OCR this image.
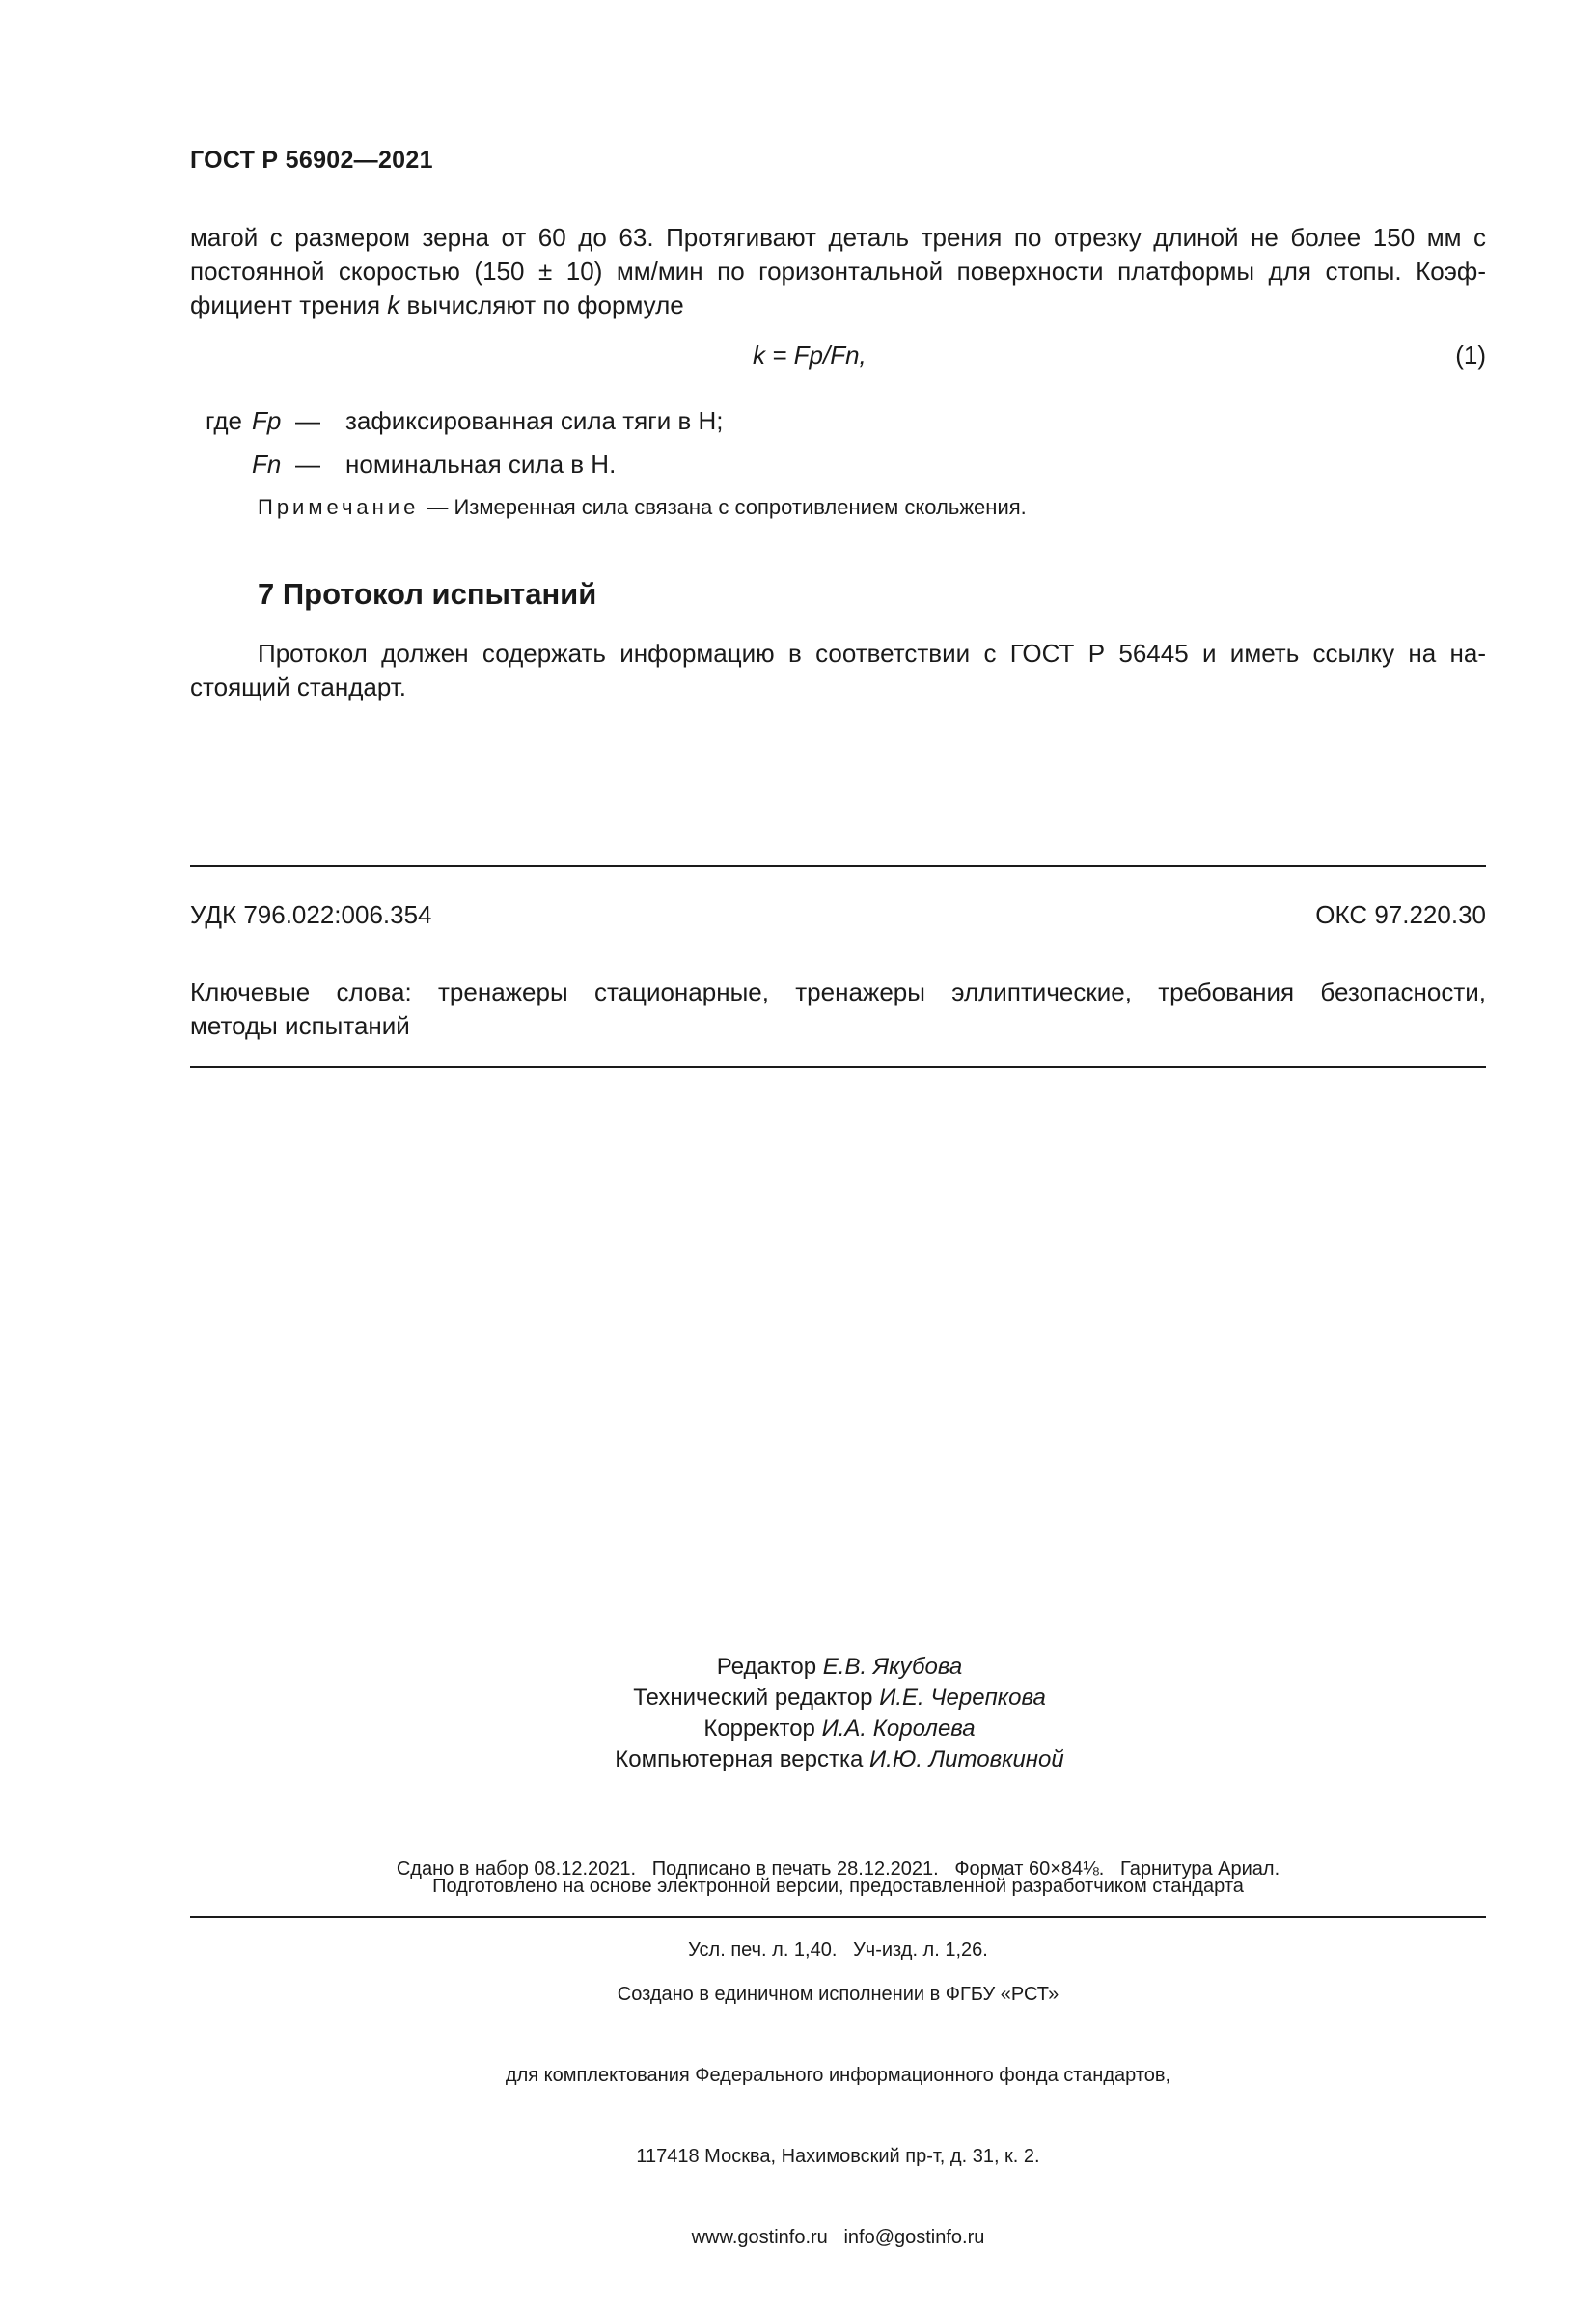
ГОСТ Р 56902—2021
магой с размером зерна от 60 до 63. Протягивают деталь трения по отрезку длиной не более 150 мм с
постоянной скоростью (150 ± 10) мм/мин по горизонтальной поверхности платформы для стопы. Коэф-
фициент трения k вычисляют по формуле
k = Fp/Fn,	(1)
где Fp — зафиксированная сила тяги в Н;
Fn — номинальная сила в Н.
Примечание — Измеренная сила связана с сопротивлением скольжения.
7 Протокол испытаний
Протокол должен содержать информацию в соответствии с ГОСТ Р 56445 и иметь ссылку на на-
стоящий стандарт.
УДК 796.022:006.354	ОКС 97.220.30
Ключевые слова: тренажеры стационарные, тренажеры эллиптические, требования безопасности,
методы испытаний
Редактор Е.В. Якубова
Технический редактор И.Е. Черепкова
Корректор И.А. Королева
Компьютерная верстка И.Ю. Литовкиной

Сдано в набор 08.12.2021.   Подписано в печать 28.12.2021.   Формат 60×84⅛.   Гарнитура Ариал.

Усл. печ. л. 1,40.   Уч-изд. л. 1,26.

Подготовлено на основе электронной версии, предоставленной разработчиком стандарта

Создано в единичном исполнении в ФГБУ «РСТ»

для комплектования Федерального информационного фонда стандартов,

117418 Москва, Нахимовский пр-т, д. 31, к. 2.

www.gostinfo.ru   info@gostinfo.ru
